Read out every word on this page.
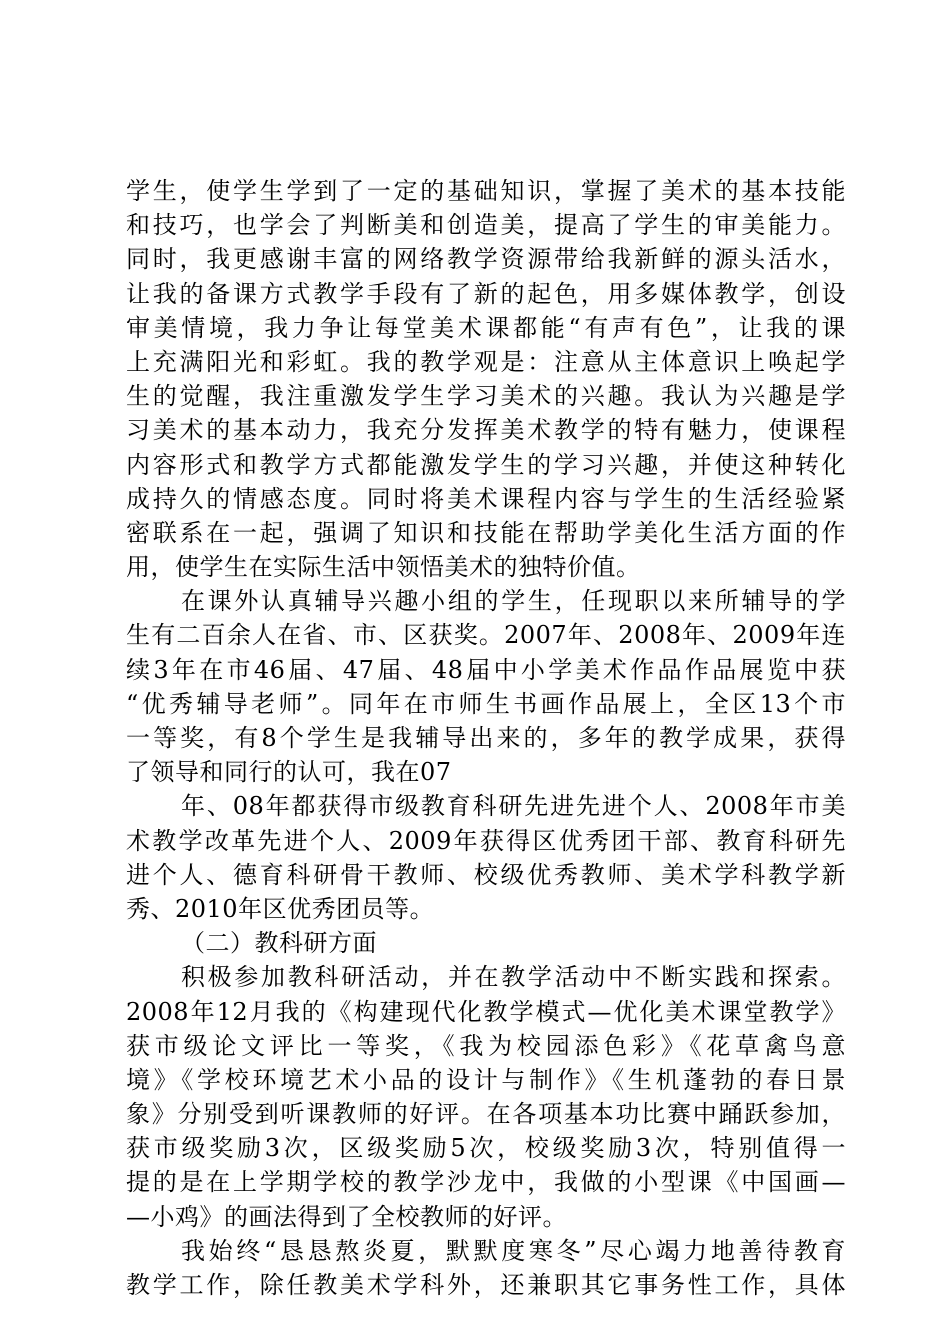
学生，使学生学到了一定的基础知识，掌握了美术的基本技能
和技巧，也学会了判断美和创造美，提高了学生的审美能力。
同时，我更感谢丰富的网络教学资源带给我新鲜的源头活水，
让我的备课方式教学手段有了新的起色，用多媒体教学，创设
审美情境，我力争让每堂美术课都能“有声有色”，让我的课
上充满阳光和彩虹。我的教学观是：注意从主体意识上唤起学
生的觉醒，我注重激发学生学习美术的兴趣。我认为兴趣是学
习美术的基本动力，我充分发挥美术教学的特有魅力，使课程
内容形式和教学方式都能激发学生的学习兴趣，并使这种转化
成持久的情感态度。同时将美术课程内容与学生的生活经验紧
密联系在一起，强调了知识和技能在帮助学美化生活方面的作
用，使学生在实际生活中领悟美术的独特价值。
在课外认真辅导兴趣小组的学生，任现职以来所辅导的学
生有二百余人在省、市、区获奖。2007年、2008年、2009年连
续3年在市46届、47届、48届中小学美术作品作品展览中获
“优秀辅导老师”。同年在市师生书画作品展上，全区13个市
一等奖，有8个学生是我辅导出来的，多年的教学成果，获得
了领导和同行的认可，我在07
年、08年都获得市级教育科研先进先进个人、2008年市美
术教学改革先进个人、2009年获得区优秀团干部、教育科研先
进个人、德育科研骨干教师、校级优秀教师、美术学科教学新
秀、2010年区优秀团员等。
（二）教科研方面
积极参加教科研活动，并在教学活动中不断实践和探索。
2008年12月我的《构建现代化教学模式—优化美术课堂教学》
获市级论文评比一等奖，《我为校园添色彩》《花草禽鸟意
境》《学校环境艺术小品的设计与制作》《生机蓬勃的春日景
象》分别受到听课教师的好评。在各项基本功比赛中踊跃参加，
获市级奖励3次，区级奖励5次，校级奖励3次，特别值得一
提的是在上学期学校的教学沙龙中，我做的小型课《中国画—
—小鸡》的画法得到了全校教师的好评。
我始终“恳恳熬炎夏，默默度寒冬”尽心竭力地善待教育
教学工作，除任教美术学科外，还兼职其它事务性工作，具体
